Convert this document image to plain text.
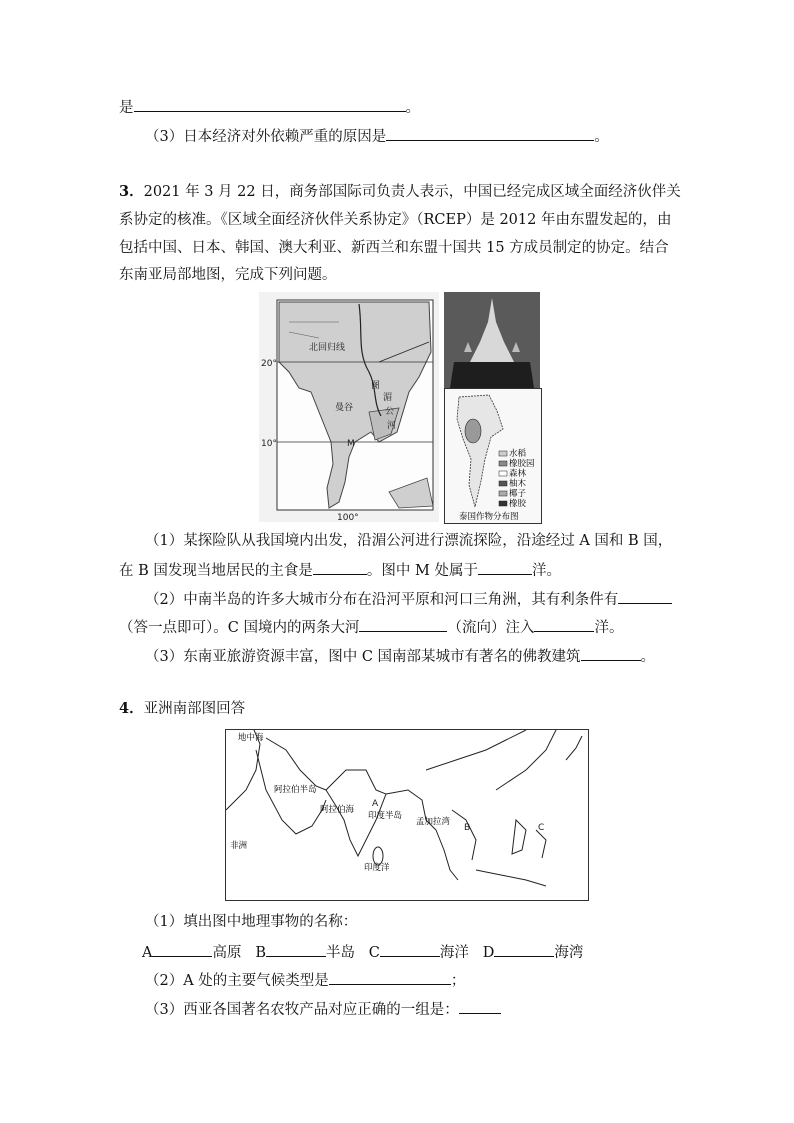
是	。
（3）日本经济对外依赖严重的原因是	。
3．2021 年 3 月 22 日，商务部国际司负责人表示，中国已经完成区域全面经济伙伴关
系协定的核准。《区域全面经济伙伴关系协定》（RCEP）是 2012 年由东盟发起的，由
包括中国、日本、韩国、澳大利亚、新西兰和东盟十国共 15 方成员制定的协定。结合
东南亚局部地图，完成下列问题。
20°
10°
100°
北回归线
曼谷
图
湄
公
河
M
水稻
橡胶园
森林
柚木
椰子
橡胶
泰国作物分布图
（1）某探险队从我国境内出发，沿湄公河进行漂流探险，沿途经过 A 国和 B 国，
在 B 国发现当地居民的主食是	。图中 M 处属于	洋。
（2）中南半岛的许多大城市分布在沿河平原和河口三角洲，其有利条件有
（答一点即可）。C 国境内的两条大河	（流向）注入	洋。
（3）东南亚旅游资源丰富，图中 C 国南部某城市有著名的佛教建筑	。
4．亚洲南部图回答
地中海
阿拉伯半岛
阿拉伯海
A
印度半岛
孟加拉湾
B	C
印度洋
非洲
（1）填出图中地理事物的名称：
A	高原 B	半岛 C	海洋 D	海湾
（2）A 处的主要气候类型是	；
（3）西亚各国著名农牧产品对应正确的一组是：
